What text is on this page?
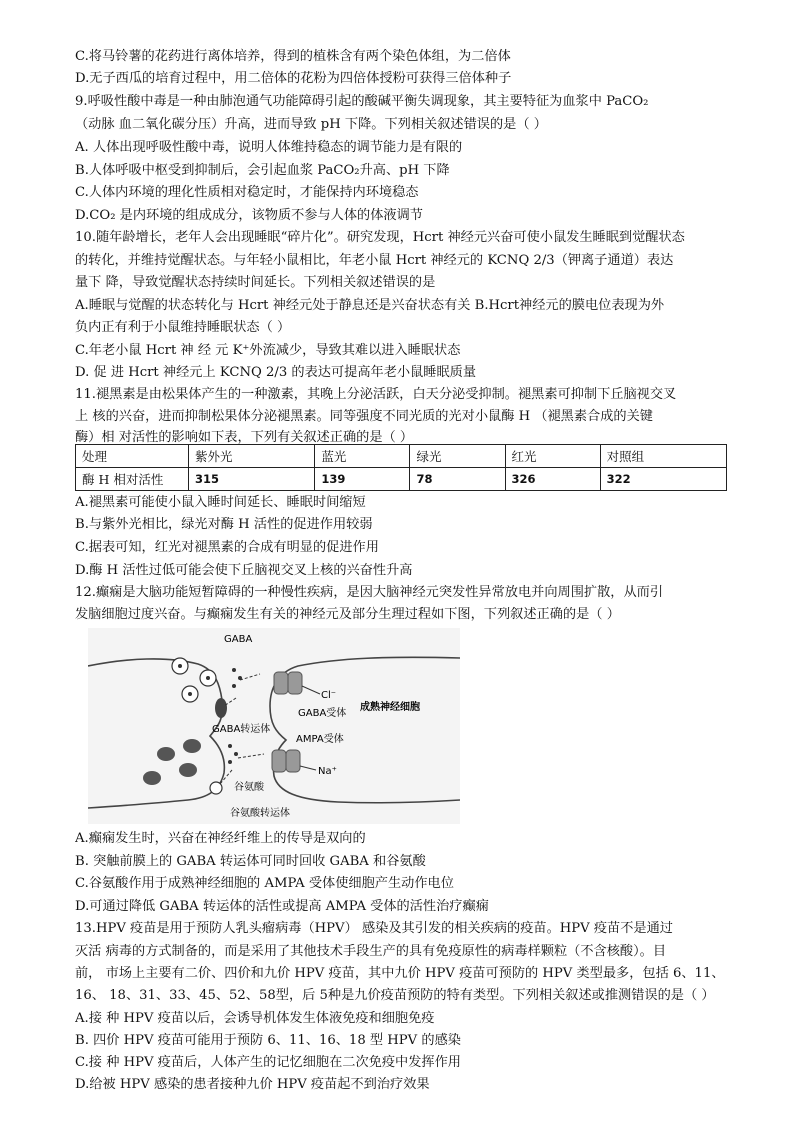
C.将马铃薯的花药进行离体培养，得到的植株含有两个染色体组，为二倍体
D.无子西瓜的培育过程中，用二倍体的花粉为四倍体授粉可获得三倍体种子
9.呼吸性酸中毒是一种由肺泡通气功能障碍引起的酸碱平衡失调现象，其主要特征为血浆中 PaCO₂
（动脉 血二氧化碳分压）升高，进而导致 pH 下降。下列相关叙述错误的是（ ）
A. 人体出现呼吸性酸中毒，说明人体维持稳态的调节能力是有限的
B.人体呼吸中枢受到抑制后，会引起血浆 PaCO₂升高、pH 下降
C.人体内环境的理化性质相对稳定时，才能保持内环境稳态
D.CO₂ 是内环境的组成成分，该物质不参与人体的体液调节
10.随年龄增长，老年人会出现睡眠“碎片化”。研究发现，Hcrt 神经元兴奋可使小鼠发生睡眠到觉醒状态
的转化，并维持觉醒状态。与年轻小鼠相比，年老小鼠 Hcrt 神经元的 KCNQ 2/3（钾离子通道）表达
量下 降，导致觉醒状态持续时间延长。下列相关叙述错误的是
A.睡眠与觉醒的状态转化与 Hcrt 神经元处于静息还是兴奋状态有关 B.Hcrt神经元的膜电位表现为外
负内正有利于小鼠维持睡眠状态（ ）
C.年老小鼠 Hcrt 神 经 元 K⁺外流减少，导致其难以进入睡眠状态
D. 促 进 Hcrt 神经元上 KCNQ 2/3 的表达可提高年老小鼠睡眠质量
11.褪黑素是由松果体产生的一种激素，其晚上分泌活跃，白天分泌受抑制。褪黑素可抑制下丘脑视交叉
上 核的兴奋，进而抑制松果体分泌褪黑素。同等强度不同光质的光对小鼠酶 H （褪黑素合成的关键
酶）相 对活性的影响如下表，下列有关叙述正确的是（ ）
处理	紫外光	蓝光	绿光	红光	对照组
酶 H 相对活性	315	139	78	326	322
A.褪黑素可能使小鼠入睡时间延长、睡眠时间缩短
B.与紫外光相比，绿光对酶 H 活性的促进作用较弱
C.据表可知，红光对褪黑素的合成有明显的促进作用
D.酶 H 活性过低可能会使下丘脑视交叉上核的兴奋性升高
12.癫痫是大脑功能短暂障碍的一种慢性疾病，是因大脑神经元突发性异常放电并向周围扩散，从而引
发脑细胞过度兴奋。与癫痫发生有关的神经元及部分生理过程如下图，下列叙述正确的是（ ）
GABA
Cl⁻
GABA受体
成熟神经细胞
GABA转运体
AMPA受体
Na⁺
谷氨酸
谷氨酸转运体
A.癫痫发生时，兴奋在神经纤维上的传导是双向的
B. 突触前膜上的 GABA 转运体可同时回收 GABA 和谷氨酸
C.谷氨酸作用于成熟神经细胞的 AMPA 受体使细胞产生动作电位
D.可通过降低 GABA 转运体的活性或提高 AMPA 受体的活性治疗癫痫
13.HPV 疫苗是用于预防人乳头瘤病毒（HPV） 感染及其引发的相关疾病的疫苗。HPV 疫苗不是通过
灭活 病毒的方式制备的，而是采用了其他技术手段生产的具有免疫原性的病毒样颗粒（不含核酸）。目
前， 市场上主要有二价、四价和九价 HPV 疫苗，其中九价 HPV 疫苗可预防的 HPV 类型最多，包括 6、11、
16、 18、31、33、45、52、58型，后 5种是九价疫苗预防的特有类型。下列相关叙述或推测错误的是（ ）
A.接 种 HPV 疫苗以后，会诱导机体发生体液免疫和细胞免疫
B. 四价 HPV 疫苗可能用于预防 6、11、16、18 型 HPV 的感染
C.接 种 HPV 疫苗后，人体产生的记忆细胞在二次免疫中发挥作用
D.给被 HPV 感染的患者接种九价 HPV 疫苗起不到治疗效果
